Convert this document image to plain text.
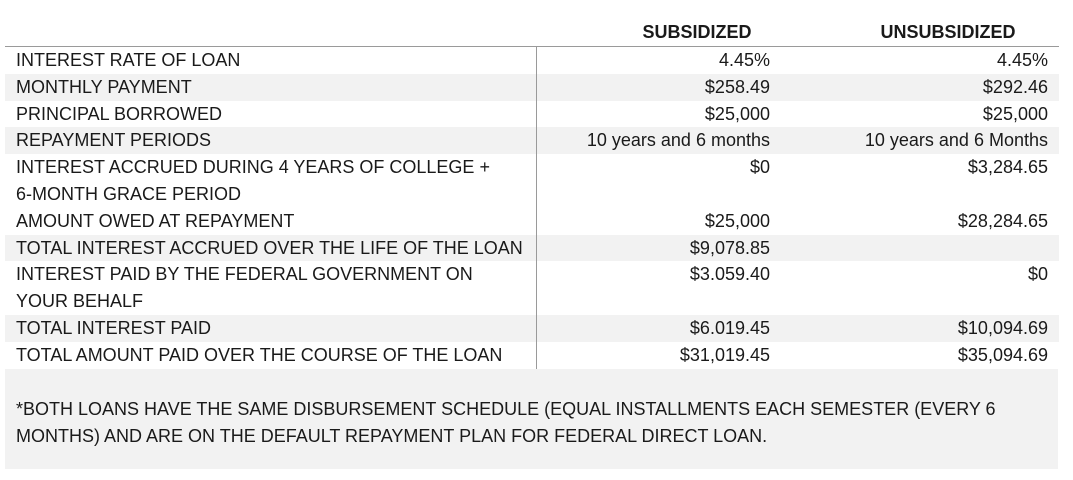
SUBSIDIZED	UNSUBSIDIZED
INTEREST RATE OF LOAN	4.45%	4.45%
MONTHLY PAYMENT	$258.49	$292.46
PRINCIPAL BORROWED	$25,000	$25,000
REPAYMENT PERIODS	10 years and 6 months	10 years and 6 Months

INTEREST ACCRUED DURING 4 YEARS OF COLLEGE +
6-MONTH GRACE PERIOD	$0	$3,284.65
AMOUNT OWED AT REPAYMENT	$25,000	$28,284.65
TOTAL INTEREST ACCRUED OVER THE LIFE OF THE LOAN	$9,078.85	

INTEREST PAID BY THE FEDERAL GOVERNMENT ON
YOUR BEHALF	$3.059.40	$0
TOTAL INTEREST PAID	$6.019.45	$10,094.69
TOTAL AMOUNT PAID OVER THE COURSE OF THE LOAN	$31,019.45	$35,094.69
*BOTH LOANS HAVE THE SAME DISBURSEMENT SCHEDULE (EQUAL INSTALLMENTS EACH SEMESTER (EVERY 6
MONTHS) AND ARE ON THE DEFAULT REPAYMENT PLAN FOR FEDERAL DIRECT LOAN.
